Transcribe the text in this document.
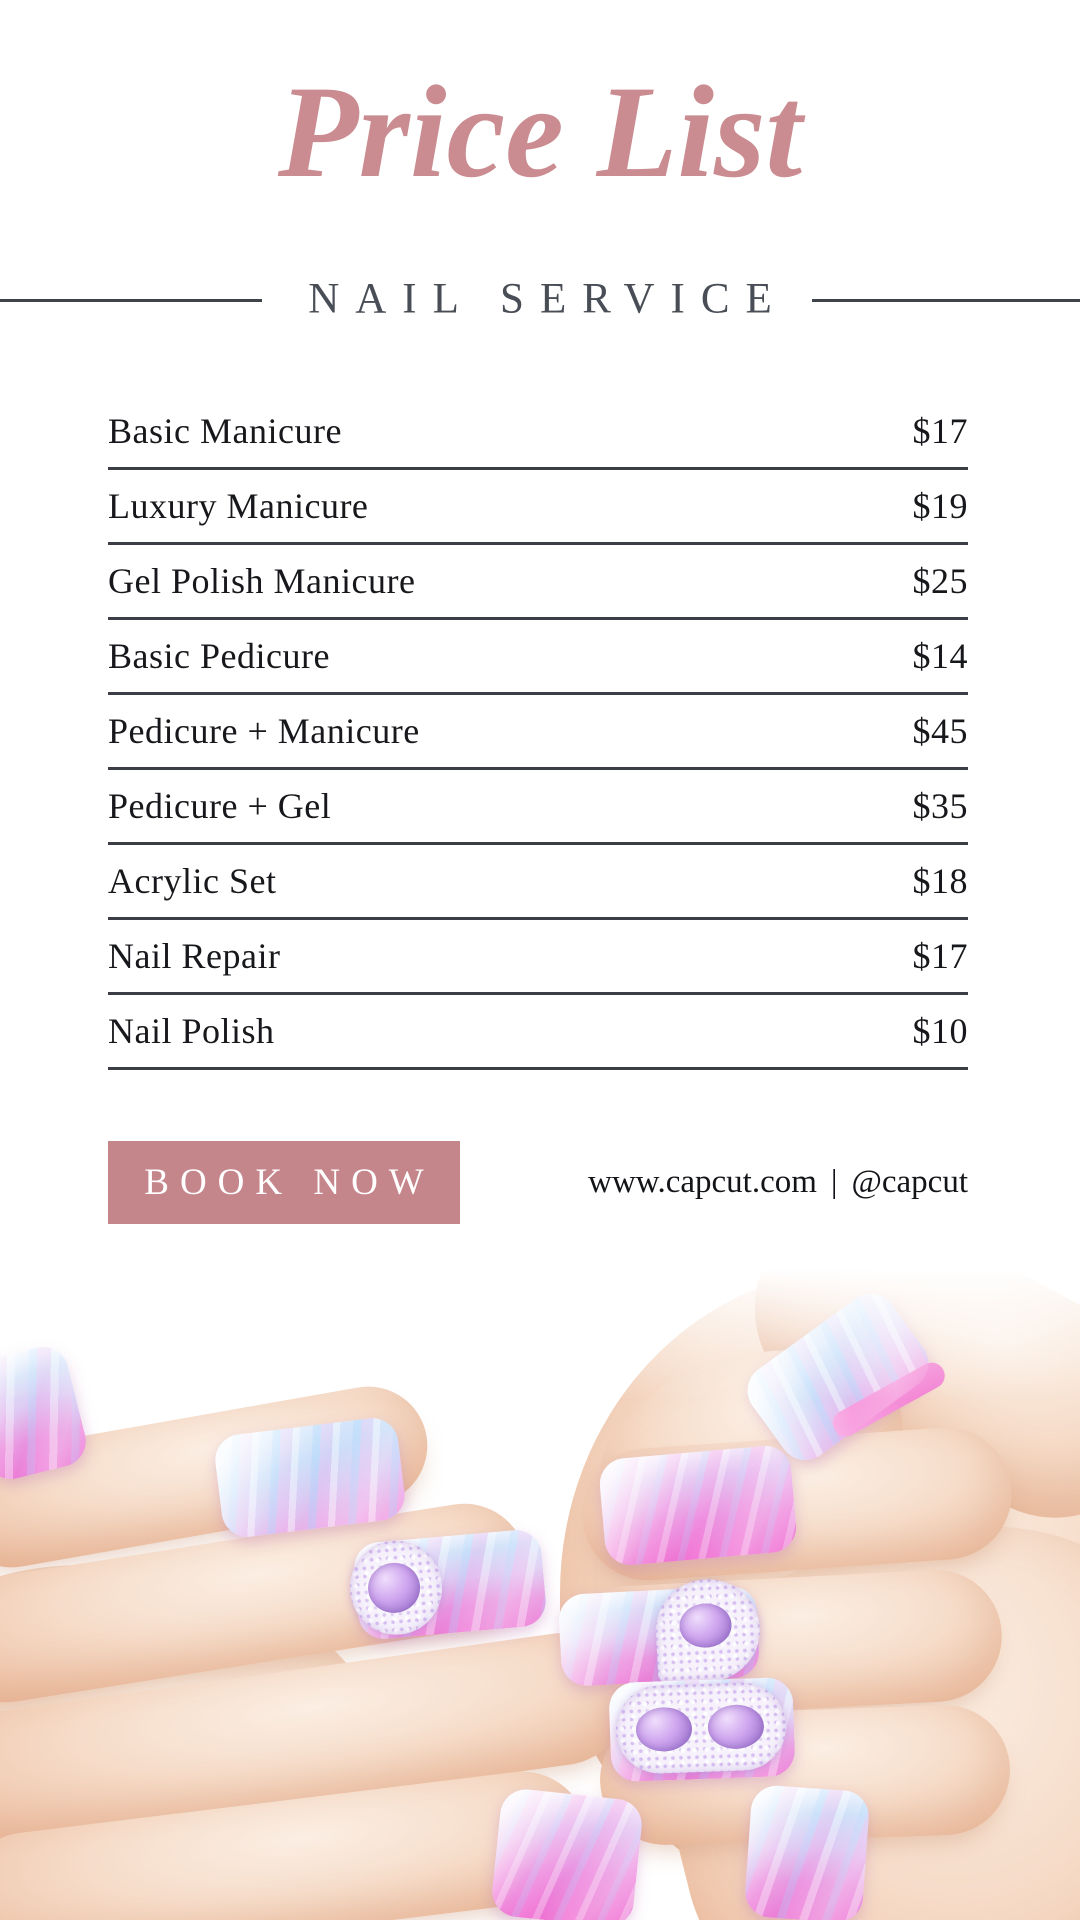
Price List
NAIL SERVICE
Basic Manicure	$17
Luxury Manicure	$19
Gel Polish Manicure	$25
Basic Pedicure	$14
Pedicure + Manicure	$45
Pedicure + Gel	$35
Acrylic Set	$18
Nail Repair	$17
Nail Polish	$10
BOOK NOW	www.capcut.com | @capcut
